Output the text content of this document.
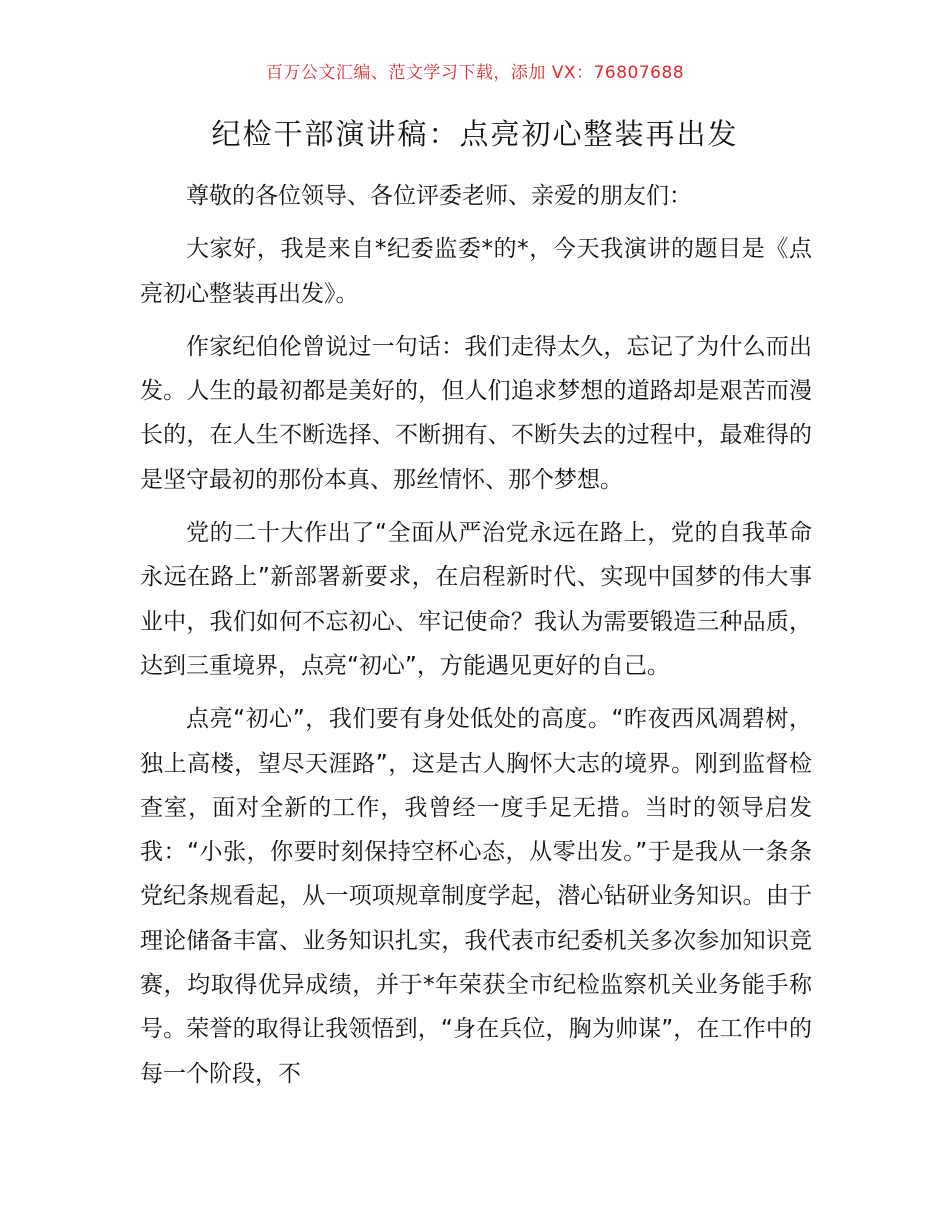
百万公文汇编、范文学习下载，添加 VX：76807688
纪检干部演讲稿：点亮初心整装再出发

尊敬的各位领导、各位评委老师、亲爱的朋友们：

大家好，我是来自*纪委监委*的*，今天我演讲的题目是《点亮初心整装再出发》。

作家纪伯伦曾说过一句话：我们走得太久，忘记了为什么而出发。人生的最初都是美好的，但人们追求梦想的道路却是艰苦而漫长的，在人生不断选择、不断拥有、不断失去的过程中，最难得的是坚守最初的那份本真、那丝情怀、那个梦想。

党的二十大作出了“全面从严治党永远在路上，党的自我革命永远在路上”新部署新要求，在启程新时代、实现中国梦的伟大事业中，我们如何不忘初心、牢记使命？我认为需要锻造三种品质，达到三重境界，点亮“初心”，方能遇见更好的自己。

点亮“初心”，我们要有身处低处的高度。“昨夜西风凋碧树，独上高楼，望尽天涯路”，这是古人胸怀大志的境界。刚到监督检查室，面对全新的工作，我曾经一度手足无措。当时的领导启发我：“小张，你要时刻保持空杯心态，从零出发。”于是我从一条条党纪条规看起，从一项项规章制度学起，潜心钻研业务知识。由于理论储备丰富、业务知识扎实，我代表市纪委机关多次参加知识竞赛，均取得优异成绩，并于*年荣获全市纪检监察机关业务能手称号。荣誉的取得让我领悟到，“身在兵位，胸为帅谋”，在工作中的每一个阶段，不
